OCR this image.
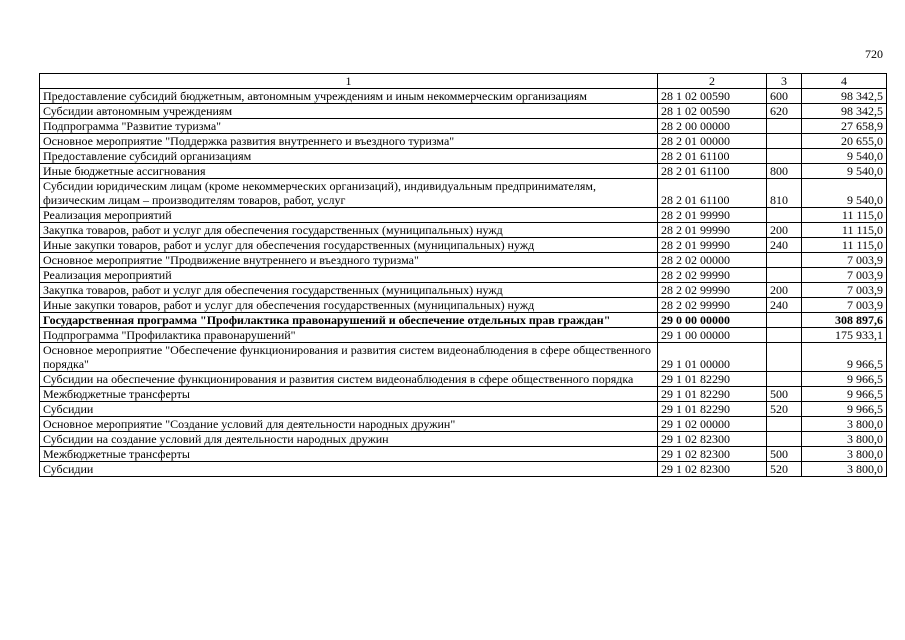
720
1	2	3	4
Предоставление субсидий бюджетным, автономным учреждениям и иным некоммерческим организациям	28 1 02 00590	600	98 342,5
Субсидии автономным учреждениям	28 1 02 00590	620	98 342,5
Подпрограмма "Развитие туризма"	28 2 00 00000		27 658,9
Основное мероприятие "Поддержка развития внутреннего и въездного туризма"	28 2 01 00000		20 655,0
Предоставление субсидий организациям	28 2 01 61100		9 540,0
Иные бюджетные ассигнования	28 2 01 61100	800	9 540,0
Субсидии юридическим лицам (кроме некоммерческих организаций), индивидуальным предпринимателям, физическим лицам – производителям товаров, работ, услуг	28 2 01 61100	810	9 540,0
Реализация мероприятий	28 2 01 99990		11 115,0
Закупка товаров, работ и услуг для обеспечения государственных (муниципальных) нужд	28 2 01 99990	200	11 115,0
Иные закупки товаров, работ и услуг для обеспечения государственных (муниципальных) нужд	28 2 01 99990	240	11 115,0
Основное мероприятие "Продвижение внутреннего и въездного туризма"	28 2 02 00000		7 003,9
Реализация мероприятий	28 2 02 99990		7 003,9
Закупка товаров, работ и услуг для обеспечения государственных (муниципальных) нужд	28 2 02 99990	200	7 003,9
Иные закупки товаров, работ и услуг для обеспечения государственных (муниципальных) нужд	28 2 02 99990	240	7 003,9
Государственная программа "Профилактика правонарушений и обеспечение отдельных прав граждан"	29 0 00 00000		308 897,6
Подпрограмма "Профилактика правонарушений"	29 1 00 00000		175 933,1
Основное мероприятие "Обеспечение функционирования и развития систем видеонаблюдения в сфере общественного порядка"	29 1 01 00000		9 966,5
Субсидии на обеспечение функционирования и развития систем видеонаблюдения в сфере общественного порядка	29 1 01 82290		9 966,5
Межбюджетные трансферты	29 1 01 82290	500	9 966,5
Субсидии	29 1 01 82290	520	9 966,5
Основное мероприятие "Создание условий для деятельности народных дружин"	29 1 02 00000		3 800,0
Субсидии на создание условий для деятельности народных дружин	29 1 02 82300		3 800,0
Межбюджетные трансферты	29 1 02 82300	500	3 800,0
Субсидии	29 1 02 82300	520	3 800,0
